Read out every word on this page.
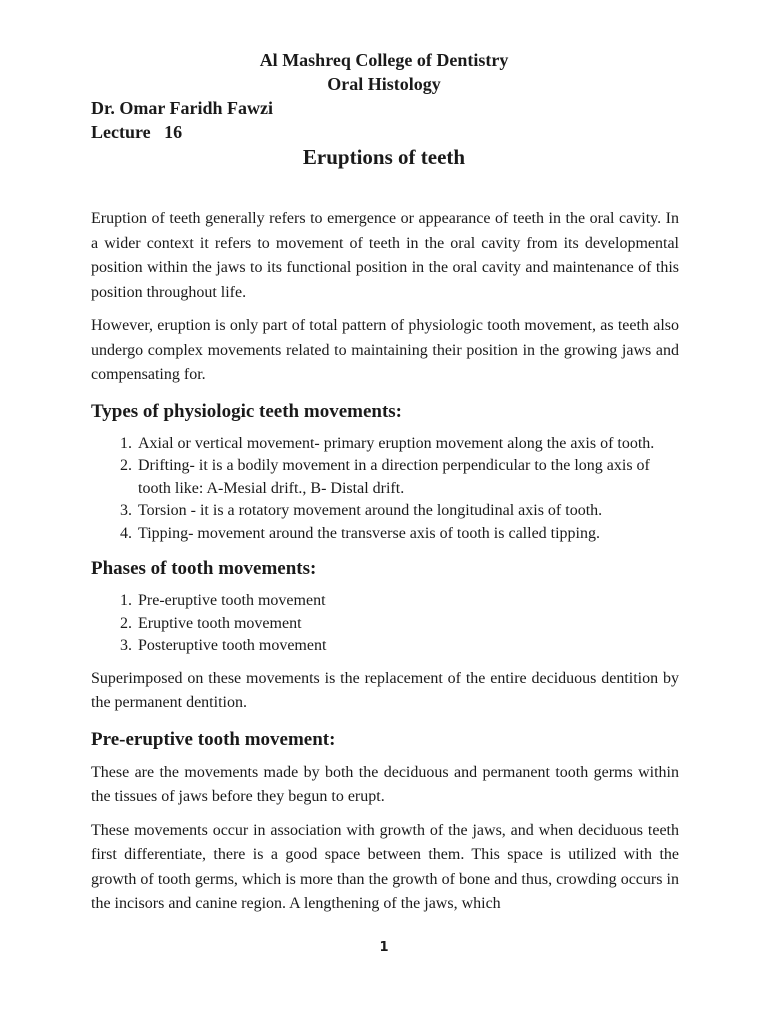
Al Mashreq College of Dentistry

Oral Histology

Dr. Omar Faridh Fawzi

Lecture   16

Eruptions of teeth

Eruption of teeth generally refers to emergence or appearance of teeth in the oral cavity. In a wider context it refers to movement of teeth in the oral cavity from its developmental position within the jaws to its functional position in the oral cavity and maintenance of this position throughout life.

However, eruption is only part of total pattern of physiologic tooth movement, as teeth also undergo complex movements related to maintaining their position in the growing jaws and compensating for.

Types of physiologic teeth movements:
1. Axial or vertical movement- primary eruption movement along the axis of tooth.
2. Drifting- it is a bodily movement in a direction perpendicular to the long axis of tooth like: A-Mesial drift., B- Distal drift.
3. Torsion - it is a rotatory movement around the longitudinal axis of tooth.
4. Tipping- movement around the transverse axis of tooth is called tipping.
Phases of tooth movements:
1. Pre-eruptive tooth movement
2. Eruptive tooth movement
3. Posteruptive tooth movement

Superimposed on these movements is the replacement of the entire deciduous dentition by the permanent dentition.

Pre-eruptive tooth movement:

These are the movements made by both the deciduous and permanent tooth germs within the tissues of jaws before they begun to erupt.

These movements occur in association with growth of the jaws, and when deciduous teeth first differentiate, there is a good space between them. This space is utilized with the growth of tooth germs, which is more than the growth of bone and thus, crowding occurs in the incisors and canine region. A lengthening of the jaws, which

1
